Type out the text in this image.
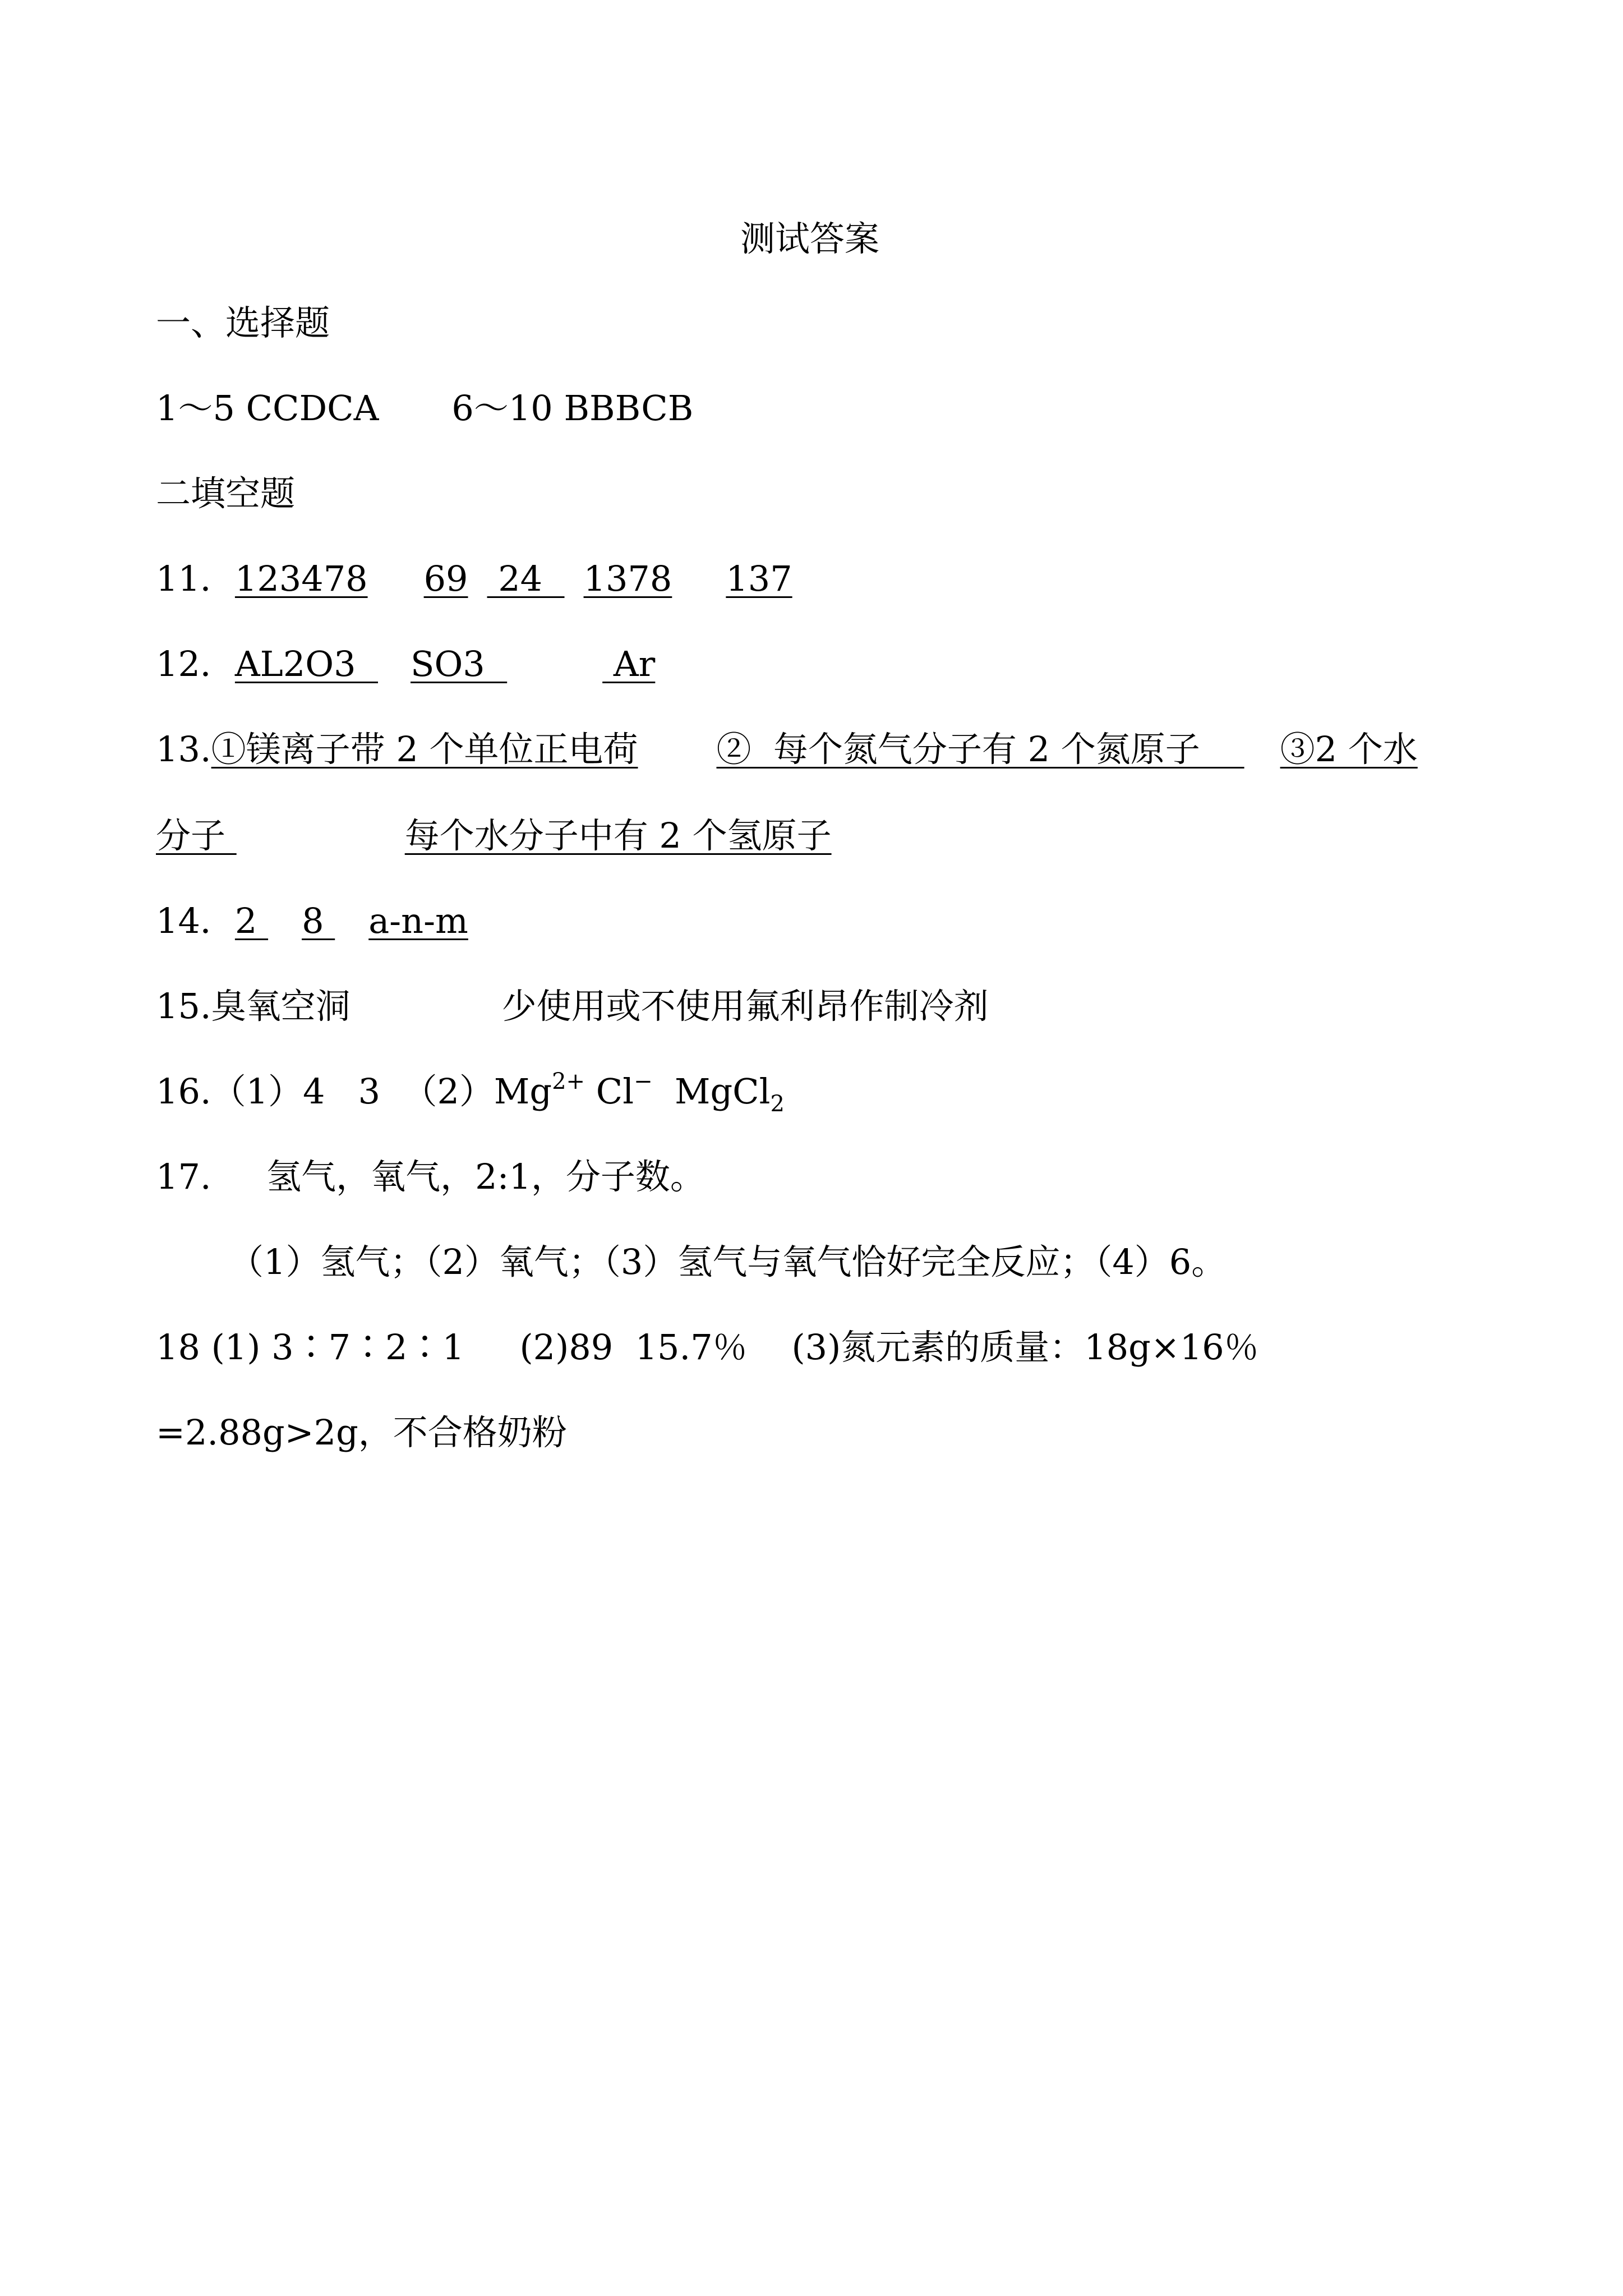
测试答案
一、选择题
1～5 CCDCA 6～10 BBBCB
二填空题
11．123478 69 24  1378 137
12．AL2O3  SO3	Ar
13.①镁离子带 2 个单位正电荷 ②  每个氮气分子有 2 个氮原子    ③2 个水
分子	每个水分子中有 2 个氢原子
14．2 8 a-n-m
15.臭氧空洞	少使用或不使用氟利昂作制冷剂
16.（1）4   3  $(2)Mg^{2+}$ Cl−  MgCl$_2$
17.     氢气，氧气，2:1，分子数。
（1）氢气；（2）氧气；（3）氢气与氧气恰好完全反应；（4）6。
18 (1) 3∶7∶2∶1     (2)89  15.7％    (3)氮元素的质量：18g×16％
=2.88g>2g，不合格奶粉
